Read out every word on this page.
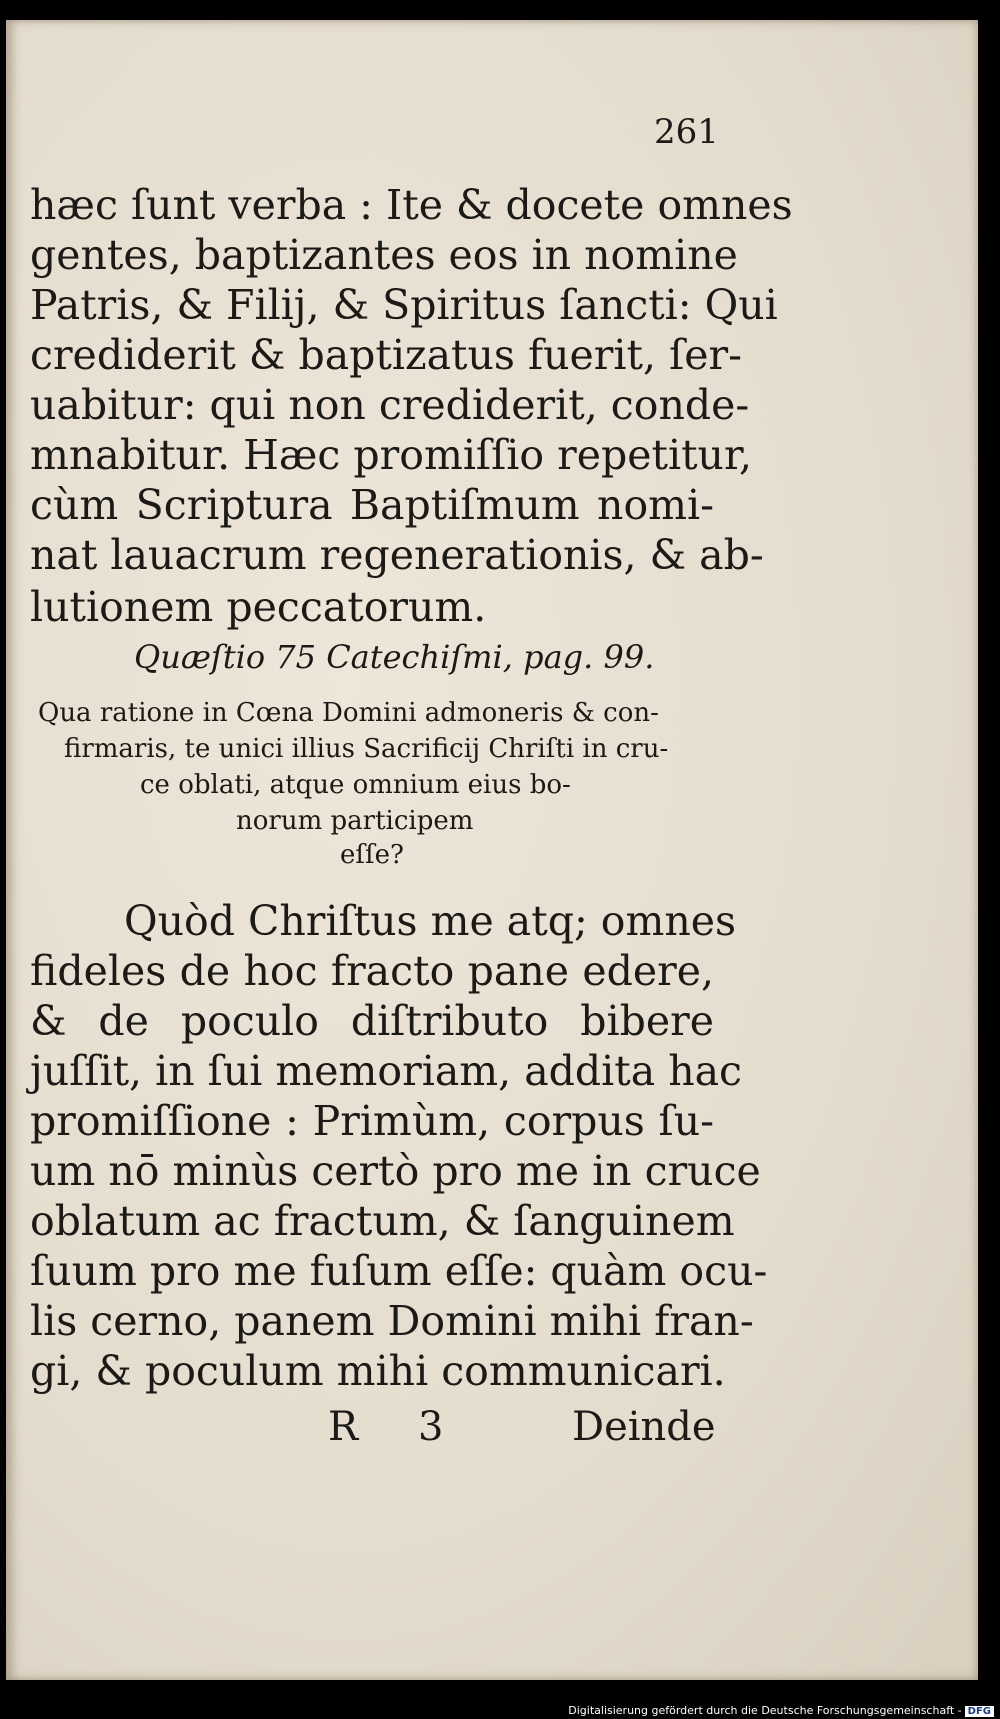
261
hæc ſunt verba : Ite & docete omnes
gentes, baptizantes eos in nomine
Patris, & Filij, & Spiritus ſancti: Qui
crediderit & baptizatus fuerit, ſer-
uabitur: qui non crediderit, conde-
mnabitur. Hæc promiſſio repetitur,
cùm Scriptura Baptiſmum nomi-
nat lauacrum regenerationis, & ab-
lutionem peccatorum.
Quæſtio 75 Catechiſmi, pag. 99.
Qua ratione in Cœna Domini admoneris & con-
firmaris, te unici illius Sacrificij Chriſti in cru-
ce oblati, atque omnium eius bo-
norum participem
eſſe?
Quòd Chriſtus me atq; omnes
fideles de hoc fracto pane edere,
& de poculo diſtributo bibere
juſſit, in ſui memoriam, addita hac
promiſſione : Primùm, corpus ſu-
um nō minùs certò pro me in cruce
oblatum ac fractum, & ſanguinem
ſuum pro me fuſum eſſe: quàm ocu-
lis cerno, panem Domini mihi fran-
gi, & poculum mihi communicari.
R 3	Deinde
Digitalisierung gefördert durch die Deutsche Forschungsgemeinschaft - DFG
